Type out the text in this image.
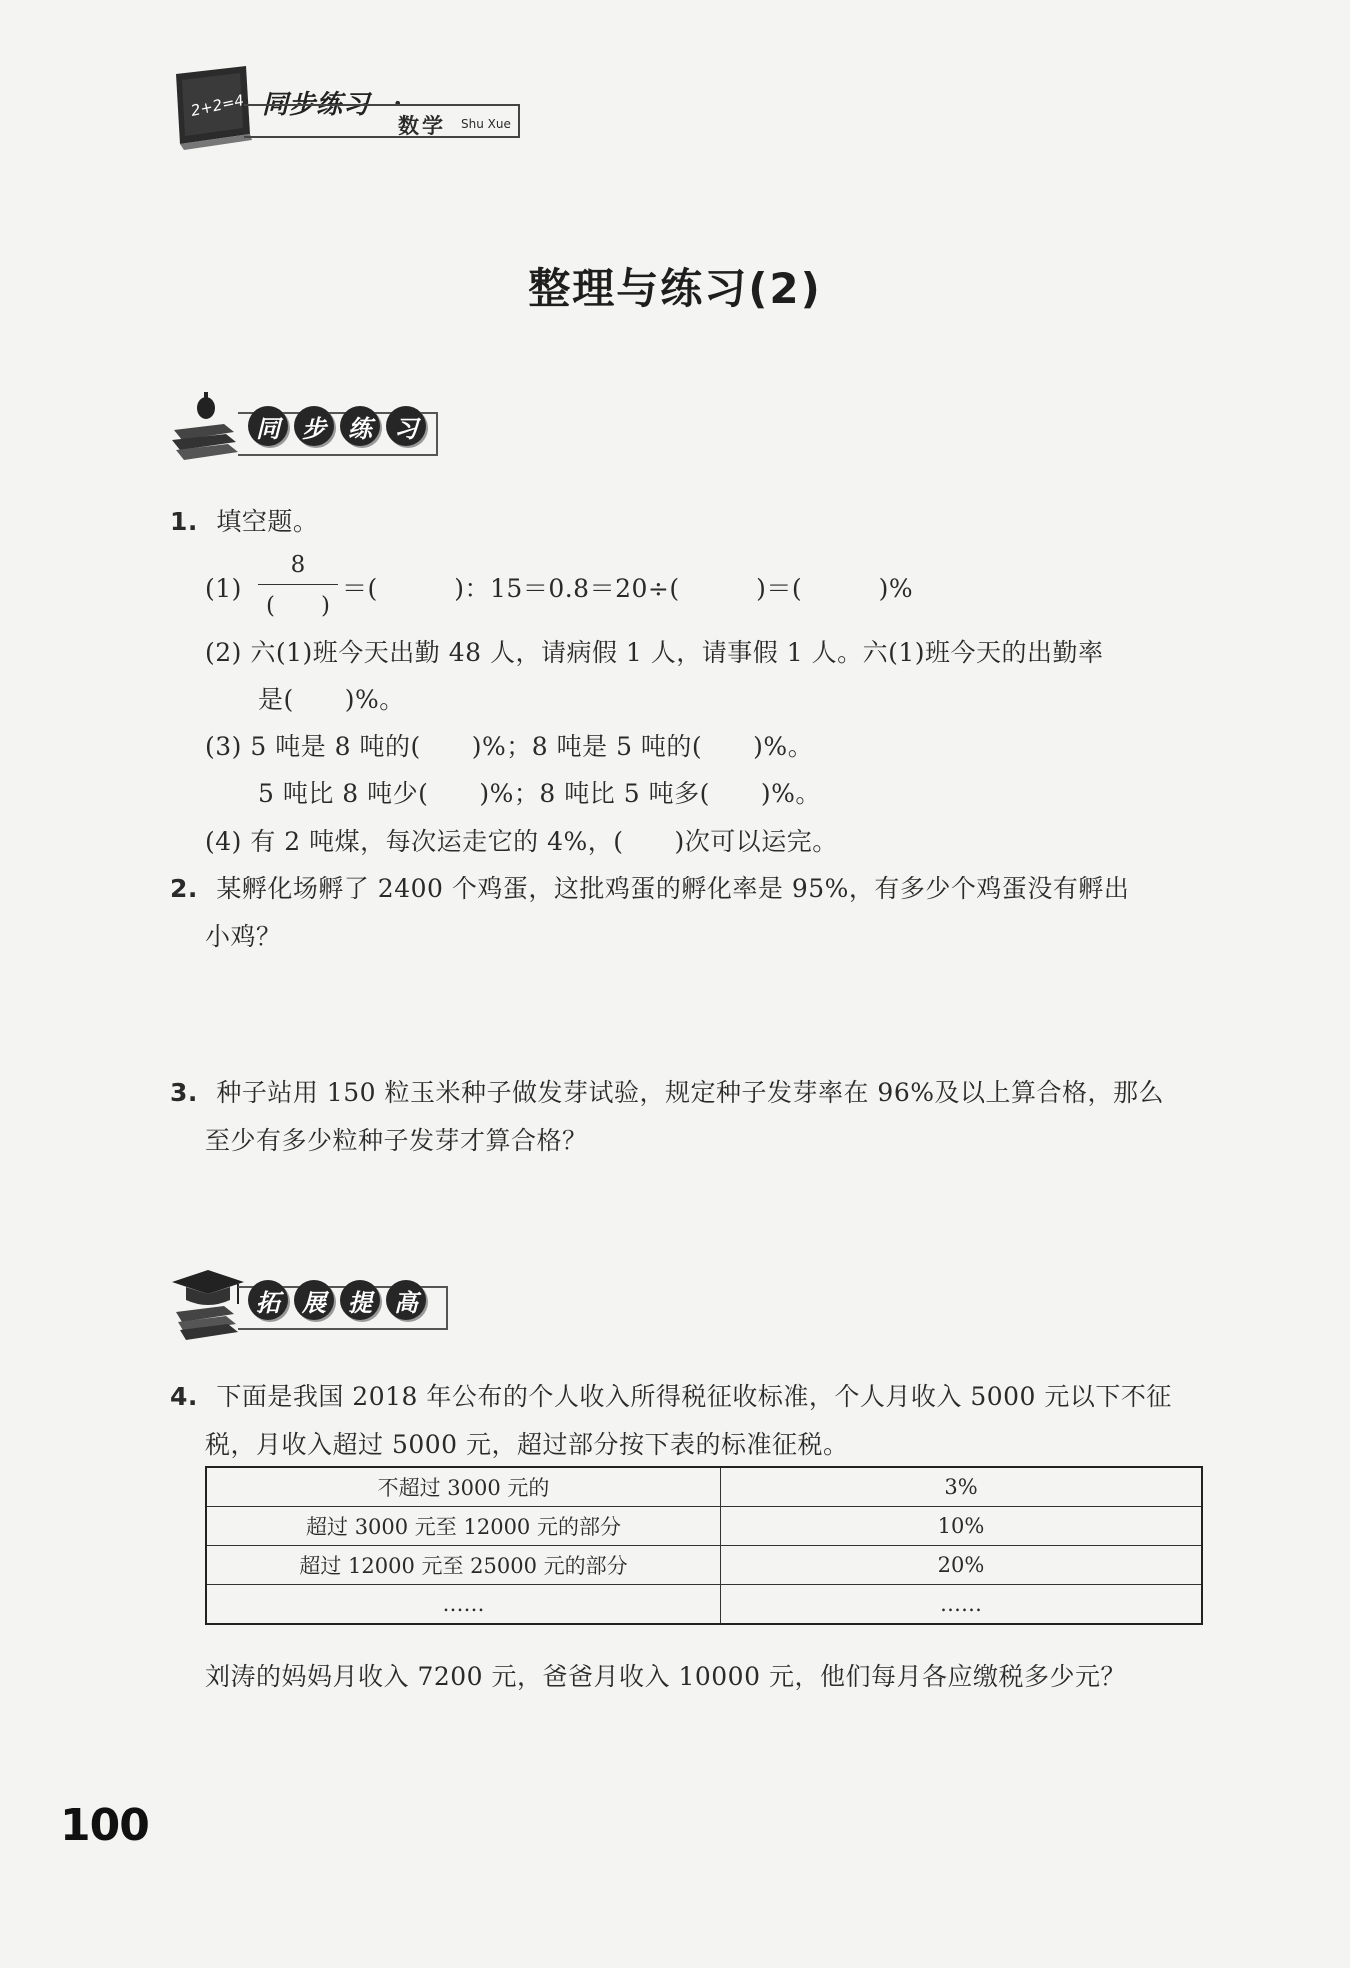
2+2=4 同步练习 •
数学 Shu Xue
整理与练习(2)
同 步 练 习
1. 填空题。
(1)
8
(　　)
＝(　　　)：15＝0.8＝20÷(　　　)＝(　　　)%
(2) 六(1)班今天出勤 48 人，请病假 1 人，请事假 1 人。六(1)班今天的出勤率
是(　　)%。
(3) 5 吨是 8 吨的(　　)%；8 吨是 5 吨的(　　)%。
5 吨比 8 吨少(　　)%；8 吨比 5 吨多(　　)%。
(4) 有 2 吨煤，每次运走它的 4%，(　　)次可以运完。
2. 某孵化场孵了 2400 个鸡蛋，这批鸡蛋的孵化率是 95%，有多少个鸡蛋没有孵出
小鸡？
3. 种子站用 150 粒玉米种子做发芽试验，规定种子发芽率在 96%及以上算合格，那么
至少有多少粒种子发芽才算合格？
拓 展 提 高
4. 下面是我国 2018 年公布的个人收入所得税征收标准，个人月收入 5000 元以下不征
税，月收入超过 5000 元，超过部分按下表的标准征税。
不超过 3000 元的	3%
超过 3000 元至 12000 元的部分	10%
超过 12000 元至 25000 元的部分	20%
……	……
刘涛的妈妈月收入 7200 元，爸爸月收入 10000 元，他们每月各应缴税多少元？
100
